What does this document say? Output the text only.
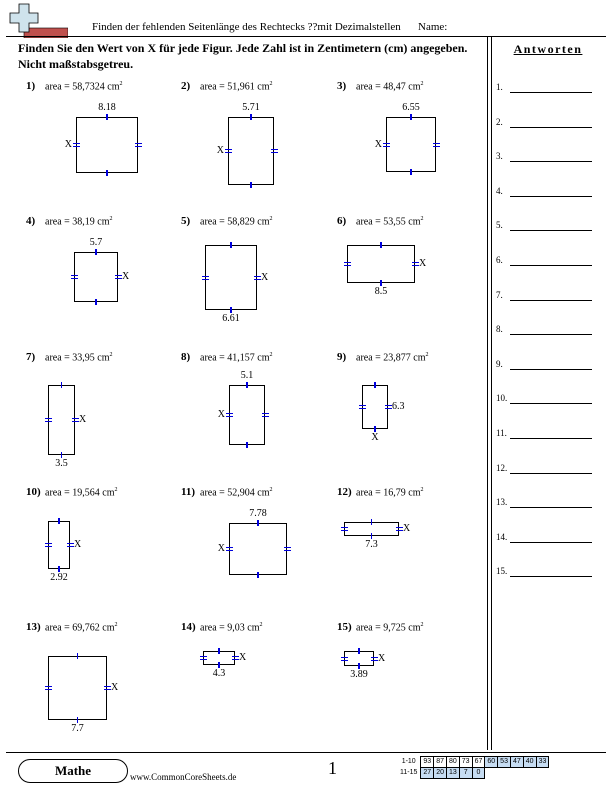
Finden der fehlenden Seitenlänge des Rechtecks ??mit Dezimalstellen Name:
Finden Sie den Wert von X für jede Figur. Jede Zahl ist in Zentimetern (cm) angegeben. Nicht maßstabsgetreu.
Antworten
1.
2.
3.
4.
5.
6.
7.
8.
9.
10.
11.
12.
13.
14.
15.
1) area = 58,7324 $cm^2$
8.18
X
2) area = 51,961 $cm^2$
5.71
X
3) area = 48,47 $cm^2$
6.55
X
4) area = 38,19 $cm^2$
5.7
X
5) area = 58,829 $cm^2$
6.61
X
6) area = 53,55 $cm^2$
8.5
X
7) area = 33,95 $cm^2$
3.5
X
8) area = 41,157 $cm^2$
5.1
X
9) area = 23,877 $cm^2$
6.3
X
10) area = 19,564 $cm^2$
2.92
X
11) area = 52,904 $cm^2$
7.78
X
12) area = 16,79 $cm^2$
7.3
X
13) area = 69,762 $cm^2$
7.7
X
14) area = 9,03 $cm^2$
4.3
X
15) area = 9,725 $cm^2$
3.89
X
Mathe	www.CommonCoreSheets.de	1	1-10	93	87	80	73	67	60	53	47	40	33
11-15	27	20	13	7	0					
